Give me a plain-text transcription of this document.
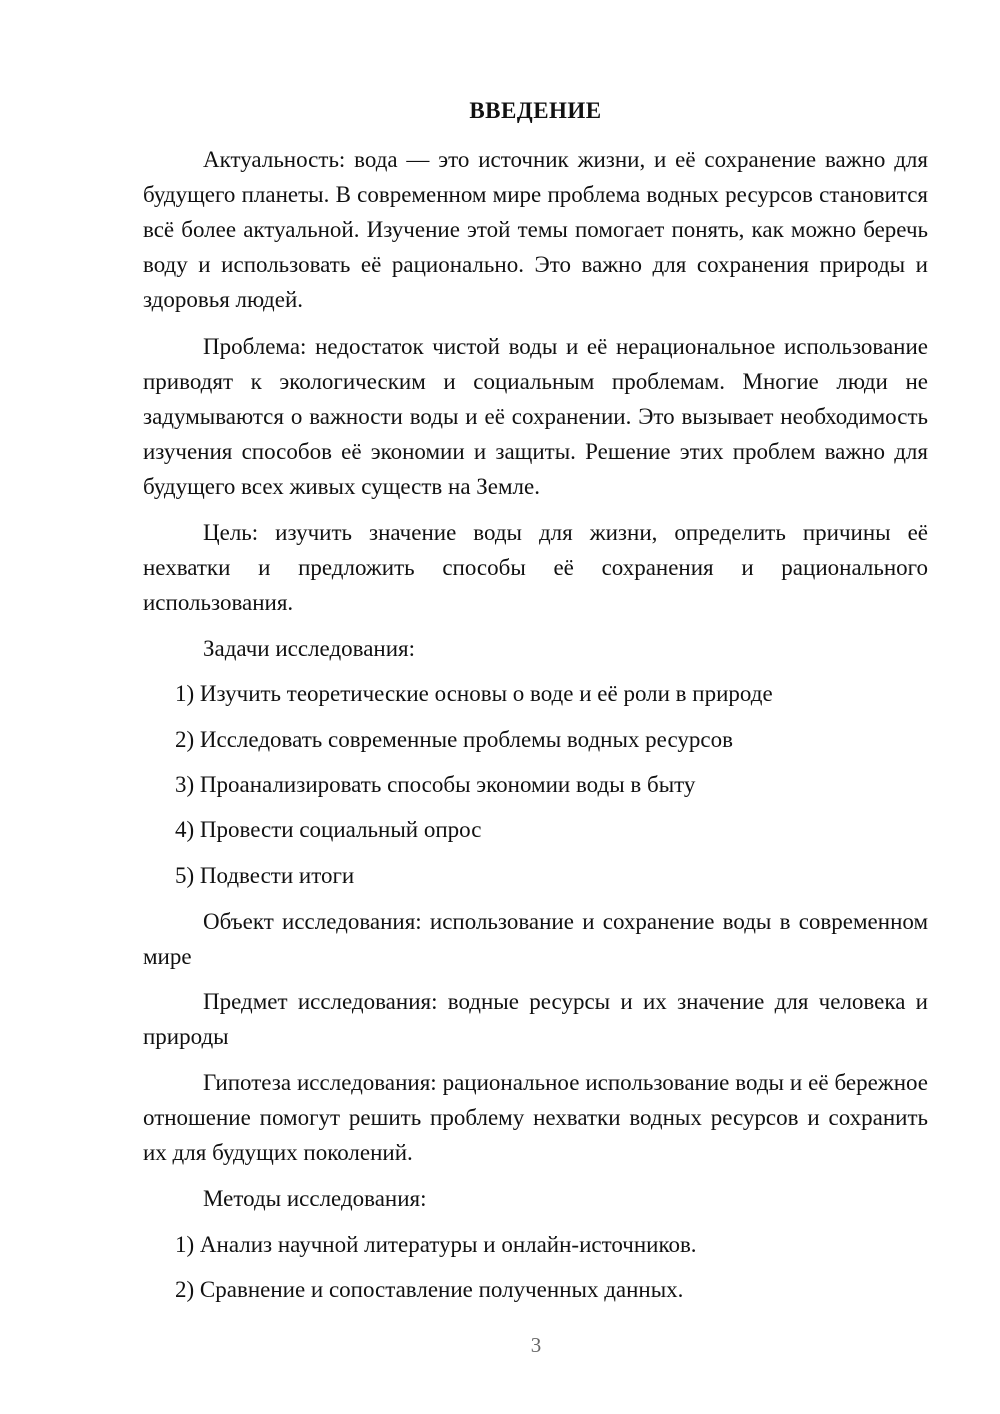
ВВЕДЕНИЕ

Актуальность: вода — это источник жизни, и её сохранение важно для будущего планеты. В современном мире проблема водных ресурсов становится всё более актуальной. Изучение этой темы помогает понять, как можно беречь воду и использовать её рационально. Это важно для сохранения природы и здоровья людей.

Проблема: недостаток чистой воды и её нерациональное использование приводят к экологическим и социальным проблемам. Многие люди не задумываются о важности воды и её сохранении. Это вызывает необходимость изучения способов её экономии и защиты. Решение этих проблем важно для будущего всех живых существ на Земле.

Цель: изучить значение воды для жизни, определить причины её нехватки и предложить способы её сохранения и рационального использования.

Задачи исследования:

1) Изучить теоретические основы о воде и её роли в природе

2) Исследовать современные проблемы водных ресурсов

3) Проанализировать способы экономии воды в быту

4) Провести социальный опрос

5) Подвести итоги

Объект исследования: использование и сохранение воды в современном мире

Предмет исследования: водные ресурсы и их значение для человека и природы

Гипотеза исследования: рациональное использование воды и её бережное отношение помогут решить проблему нехватки водных ресурсов и сохранить их для будущих поколений.

Методы исследования:

1) Анализ научной литературы и онлайн-источников.

2) Сравнение и сопоставление полученных данных.

3
